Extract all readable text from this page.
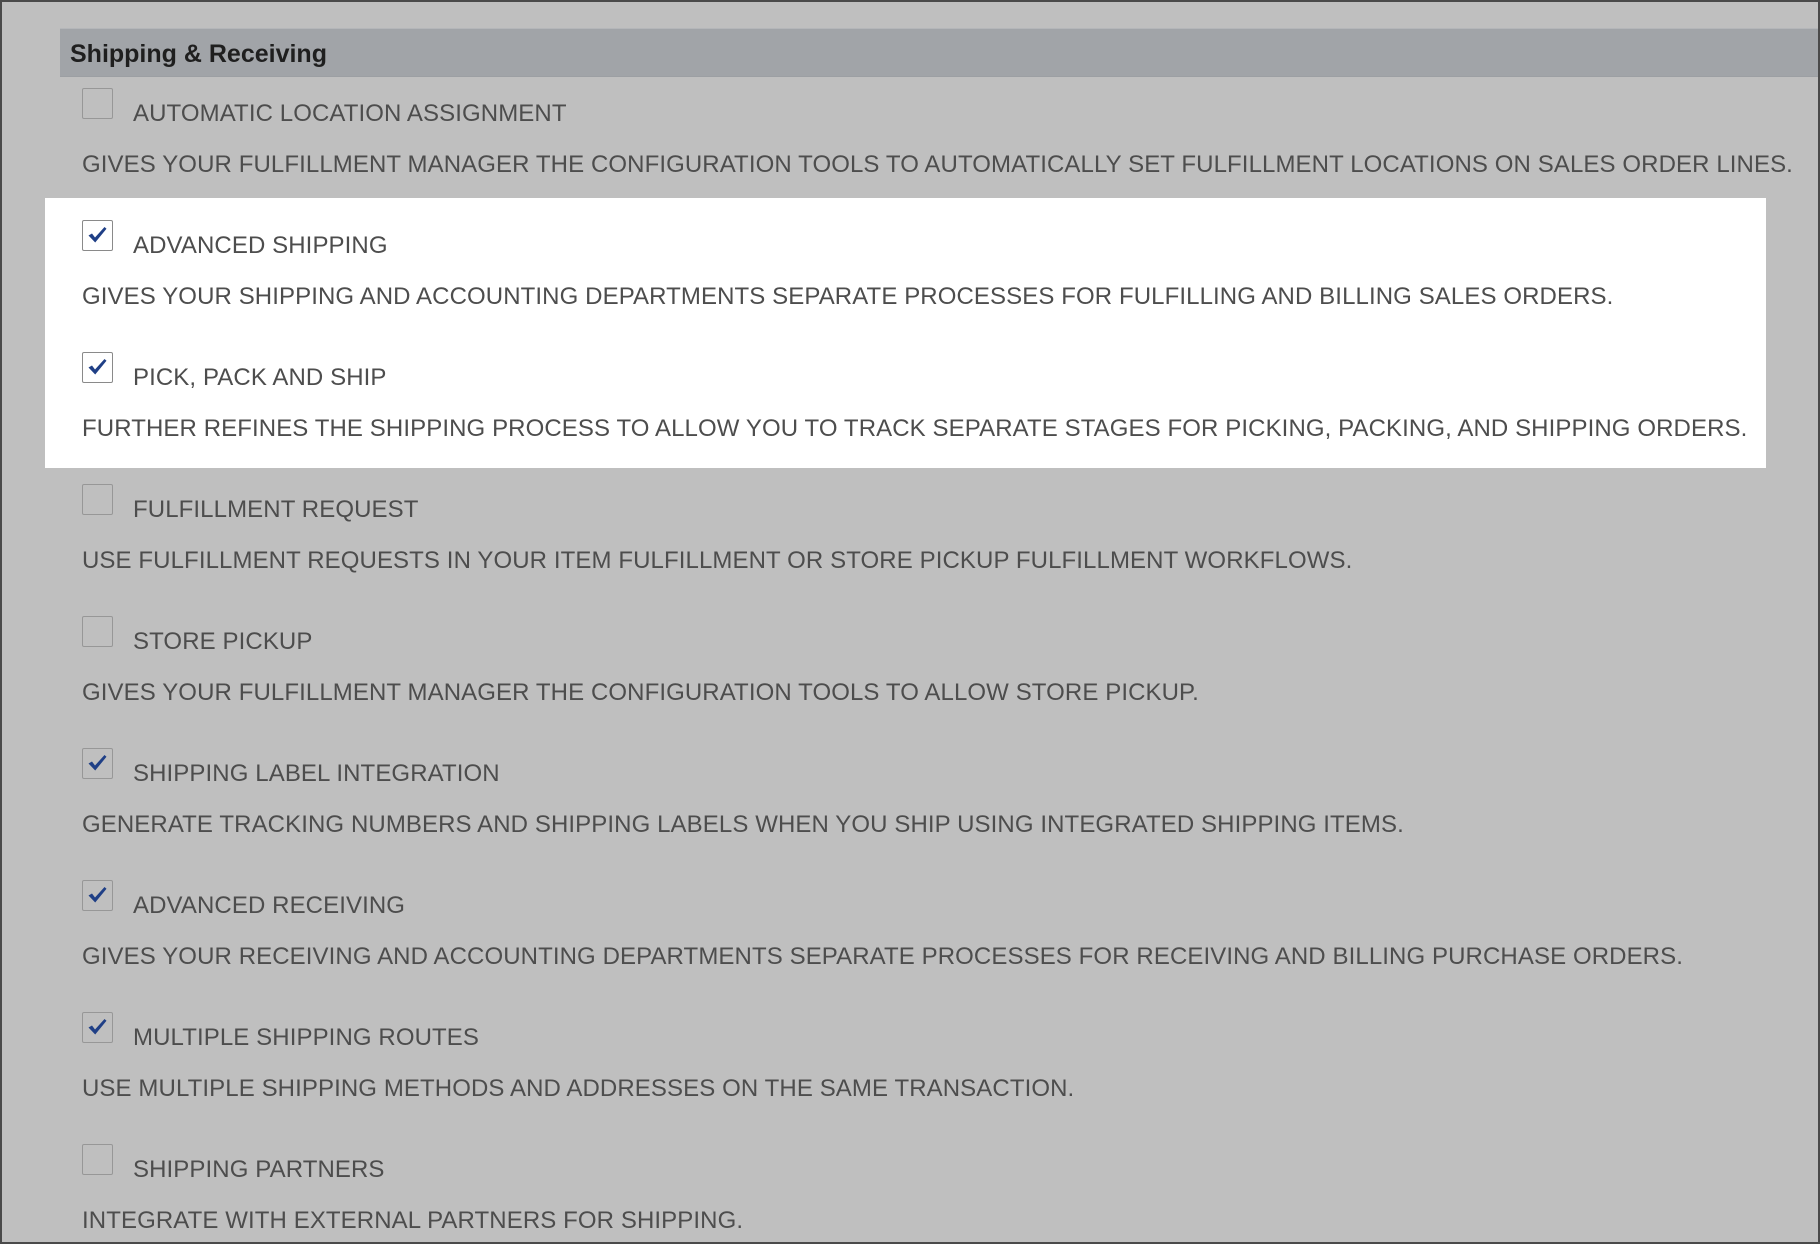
Shipping & Receiving
AUTOMATIC LOCATION ASSIGNMENT
GIVES YOUR FULFILLMENT MANAGER THE CONFIGURATION TOOLS TO AUTOMATICALLY SET FULFILLMENT LOCATIONS ON SALES ORDER LINES.
ADVANCED SHIPPING
GIVES YOUR SHIPPING AND ACCOUNTING DEPARTMENTS SEPARATE PROCESSES FOR FULFILLING AND BILLING SALES ORDERS.
PICK, PACK AND SHIP
FURTHER REFINES THE SHIPPING PROCESS TO ALLOW YOU TO TRACK SEPARATE STAGES FOR PICKING, PACKING, AND SHIPPING ORDERS.
FULFILLMENT REQUEST
USE FULFILLMENT REQUESTS IN YOUR ITEM FULFILLMENT OR STORE PICKUP FULFILLMENT WORKFLOWS.
STORE PICKUP
GIVES YOUR FULFILLMENT MANAGER THE CONFIGURATION TOOLS TO ALLOW STORE PICKUP.
SHIPPING LABEL INTEGRATION
GENERATE TRACKING NUMBERS AND SHIPPING LABELS WHEN YOU SHIP USING INTEGRATED SHIPPING ITEMS.
ADVANCED RECEIVING
GIVES YOUR RECEIVING AND ACCOUNTING DEPARTMENTS SEPARATE PROCESSES FOR RECEIVING AND BILLING PURCHASE ORDERS.
MULTIPLE SHIPPING ROUTES
USE MULTIPLE SHIPPING METHODS AND ADDRESSES ON THE SAME TRANSACTION.
SHIPPING PARTNERS
INTEGRATE WITH EXTERNAL PARTNERS FOR SHIPPING.
